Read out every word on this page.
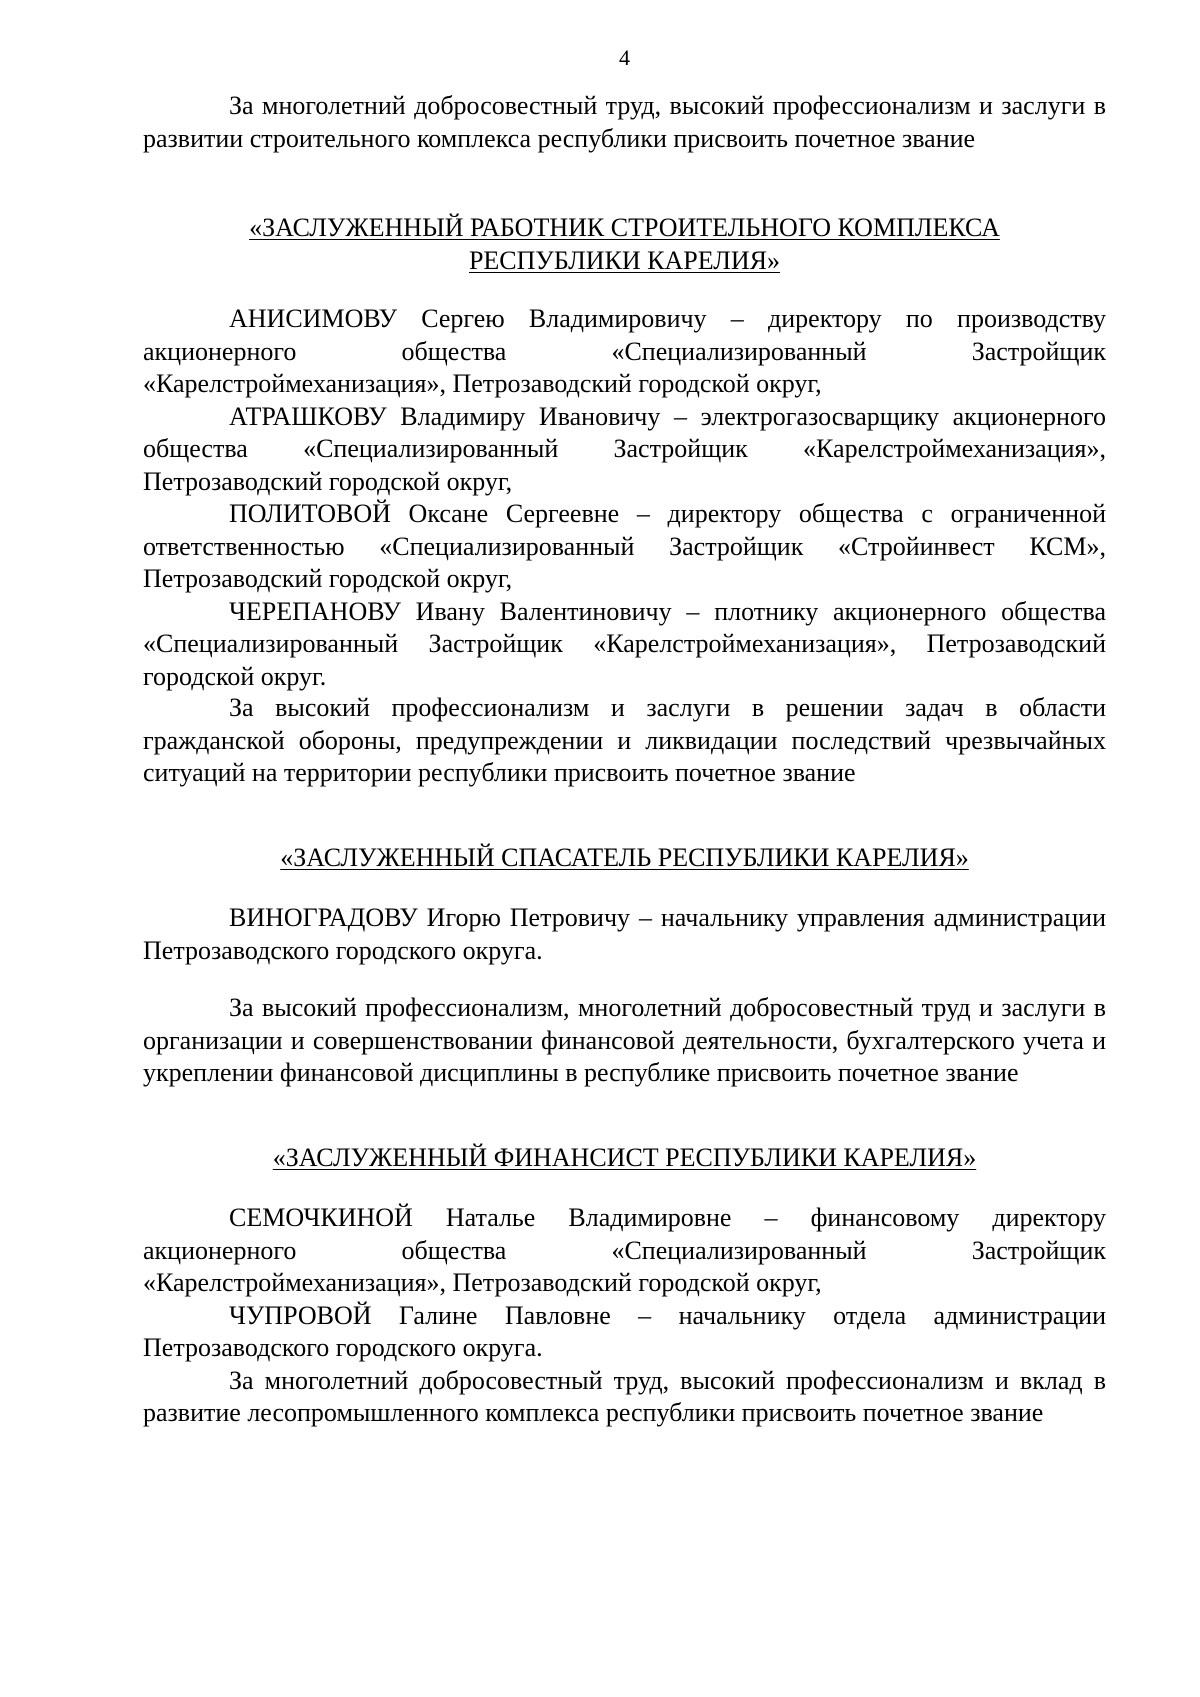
4

За многолетний добросовестный труд, высокий профессионализм и заслуги в развитии строительного комплекса республики присвоить почетное звание

«ЗАСЛУЖЕННЫЙ РАБОТНИК СТРОИТЕЛЬНОГО КОМПЛЕКСА

РЕСПУБЛИКИ КАРЕЛИЯ»

АНИСИМОВУ Сергею Владимировичу – директору по производству акционерного общества «Специализированный Застройщик «Карелстроймеханизация», Петрозаводский городской округ,

АТРАШКОВУ Владимиру Ивановичу – электрогазосварщику акционерного общества «Специализированный Застройщик «Карелстроймеханизация», Петрозаводский городской округ,

ПОЛИТОВОЙ Оксане Сергеевне – директору общества с ограниченной ответственностью «Специализированный Застройщик «Стройинвест КСМ», Петрозаводский городской округ,

ЧЕРЕПАНОВУ Ивану Валентиновичу – плотнику акционерного общества «Специализированный Застройщик «Карелстроймеханизация», Петрозаводский городской округ.

За высокий профессионализм и заслуги в решении задач в области гражданской обороны, предупреждении и ликвидации последствий чрезвычайных ситуаций на территории республики присвоить почетное звание

«ЗАСЛУЖЕННЫЙ СПАСАТЕЛЬ РЕСПУБЛИКИ КАРЕЛИЯ»

ВИНОГРАДОВУ Игорю Петровичу – начальнику управления администрации Петрозаводского городского округа.

За высокий профессионализм, многолетний добросовестный труд и заслуги в организации и совершенствовании финансовой деятельности, бухгалтерского учета и укреплении финансовой дисциплины в республике присвоить почетное звание

«ЗАСЛУЖЕННЫЙ ФИНАНСИСТ РЕСПУБЛИКИ КАРЕЛИЯ»

СЕМОЧКИНОЙ Наталье Владимировне – финансовому директору акционерного общества «Специализированный Застройщик «Карелстроймеханизация», Петрозаводский городской округ,

ЧУПРОВОЙ Галине Павловне – начальнику отдела администрации Петрозаводского городского округа.

За многолетний добросовестный труд, высокий профессионализм и вклад в развитие лесопромышленного комплекса республики присвоить почетное звание
